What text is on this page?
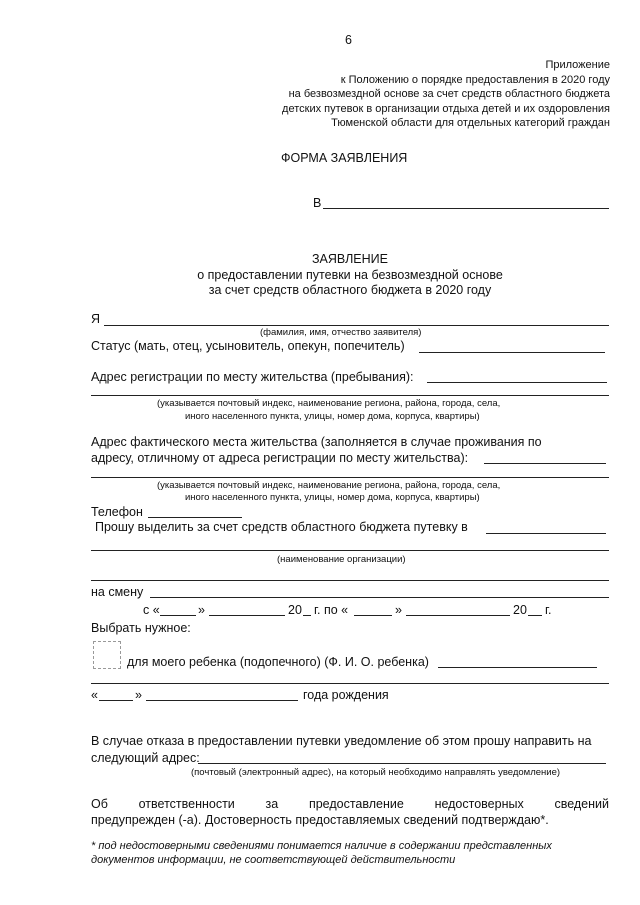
6
Приложение
к Положению о порядке предоставления в 2020 году
на безвозмездной основе за счет средств областного бюджета
детских путевок в организации отдыха детей и их оздоровления
Тюменской области для отдельных категорий граждан
ФОРМА ЗАЯВЛЕНИЯ
В
ЗАЯВЛЕНИЕ
о предоставлении путевки на безвозмездной основе
за счет средств областного бюджета в 2020 году
Я
(фамилия, имя, отчество заявителя)
Статус (мать, отец, усыновитель, опекун, попечитель)
Адрес регистрации по месту жительства (пребывания):
(указывается почтовый индекс, наименование региона, района, города, села,
иного населенного пункта, улицы, номер дома, корпуса, квартиры)
Адрес фактического места жительства (заполняется в случае проживания по
адресу, отличному от адреса регистрации по месту жительства):
(указывается почтовый индекс, наименование региона, района, города, села,
иного населенного пункта, улицы, номер дома, корпуса, квартиры)
Телефон
Прошу выделить за счет средств областного бюджета путевку в
(наименование организации)
на смену
с «	»	20 г. по «	»	20 г.
Выбрать нужное:
для моего ребенка (подопечного) (Ф. И. О. ребенка)
«	»	года рождения
В случае отказа в предоставлении путевки уведомление об этом прошу направить на
следующий адрес:
(почтовый (электронный адрес), на который необходимо направлять уведомление)
Об ответственности за предоставление недостоверных сведений
предупрежден (-а). Достоверность предоставляемых сведений подтверждаю*.
* под недостоверными сведениями понимается наличие в содержании представленных
документов информации, не соответствующей действительности
